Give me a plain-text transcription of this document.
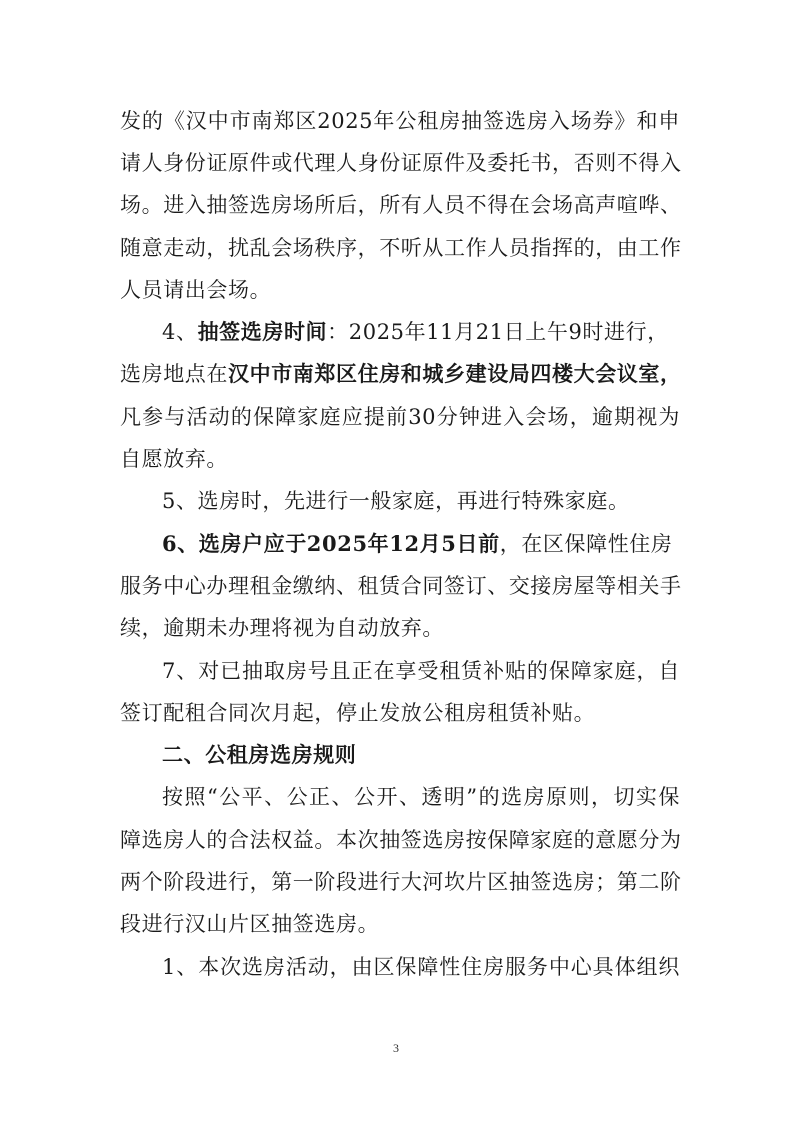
发的《汉中市南郑区2025年公租房抽签选房入场券》和申
请人身份证原件或代理人身份证原件及委托书，否则不得入
场。进入抽签选房场所后，所有人员不得在会场高声喧哗、
随意走动，扰乱会场秩序，不听从工作人员指挥的，由工作
人员请出会场。
4、抽签选房时间：2025年11月21日上午9时进行，
选房地点在汉中市南郑区住房和城乡建设局四楼大会议室，
凡参与活动的保障家庭应提前30分钟进入会场，逾期视为
自愿放弃。
5、选房时，先进行一般家庭，再进行特殊家庭。
6、选房户应于2025年12月5日前，在区保障性住房
服务中心办理租金缴纳、租赁合同签订、交接房屋等相关手
续，逾期未办理将视为自动放弃。
7、对已抽取房号且正在享受租赁补贴的保障家庭，自
签订配租合同次月起，停止发放公租房租赁补贴。
二、公租房选房规则
按照“公平、公正、公开、透明”的选房原则，切实保
障选房人的合法权益。本次抽签选房按保障家庭的意愿分为
两个阶段进行，第一阶段进行大河坎片区抽签选房；第二阶
段进行汉山片区抽签选房。
1、本次选房活动，由区保障性住房服务中心具体组织
3
